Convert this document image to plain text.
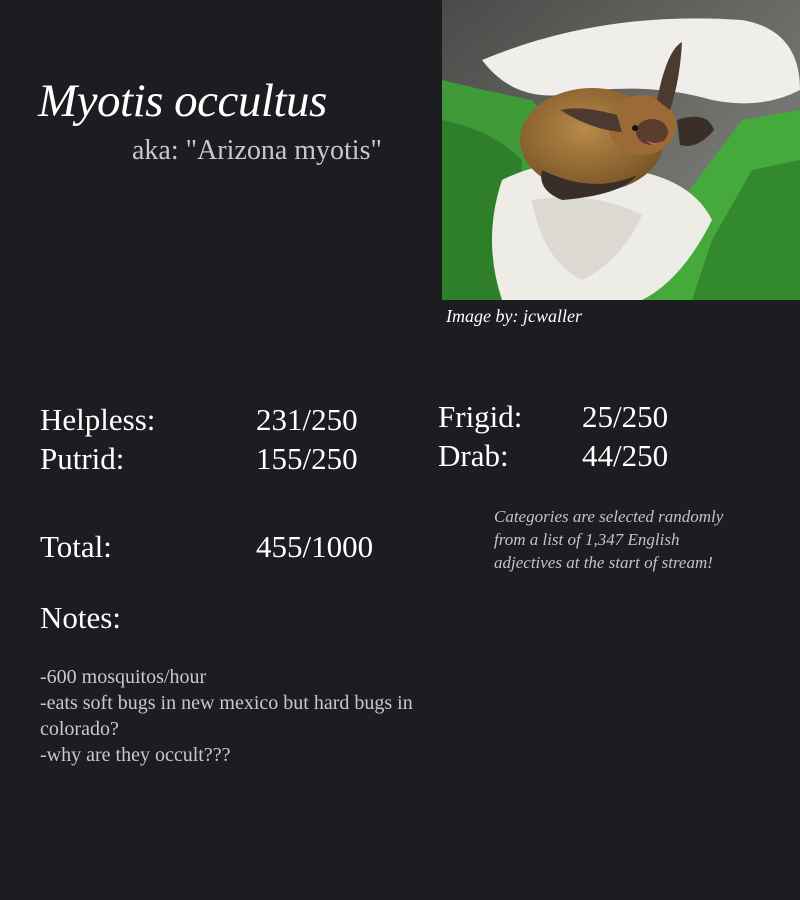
Myotis occultus
aka: "Arizona myotis"
Image by: jcwaller
Helpless:	231/250
Putrid:	155/250
Frigid: 25/250
Drab: 44/250
Total:	455/1000
Categories are selected randomly from a list of 1,347 English adjectives at the start of stream!
Notes:
-600 mosquitos/hour
-eats soft bugs in new mexico but hard bugs in colorado?
-why are they occult???
